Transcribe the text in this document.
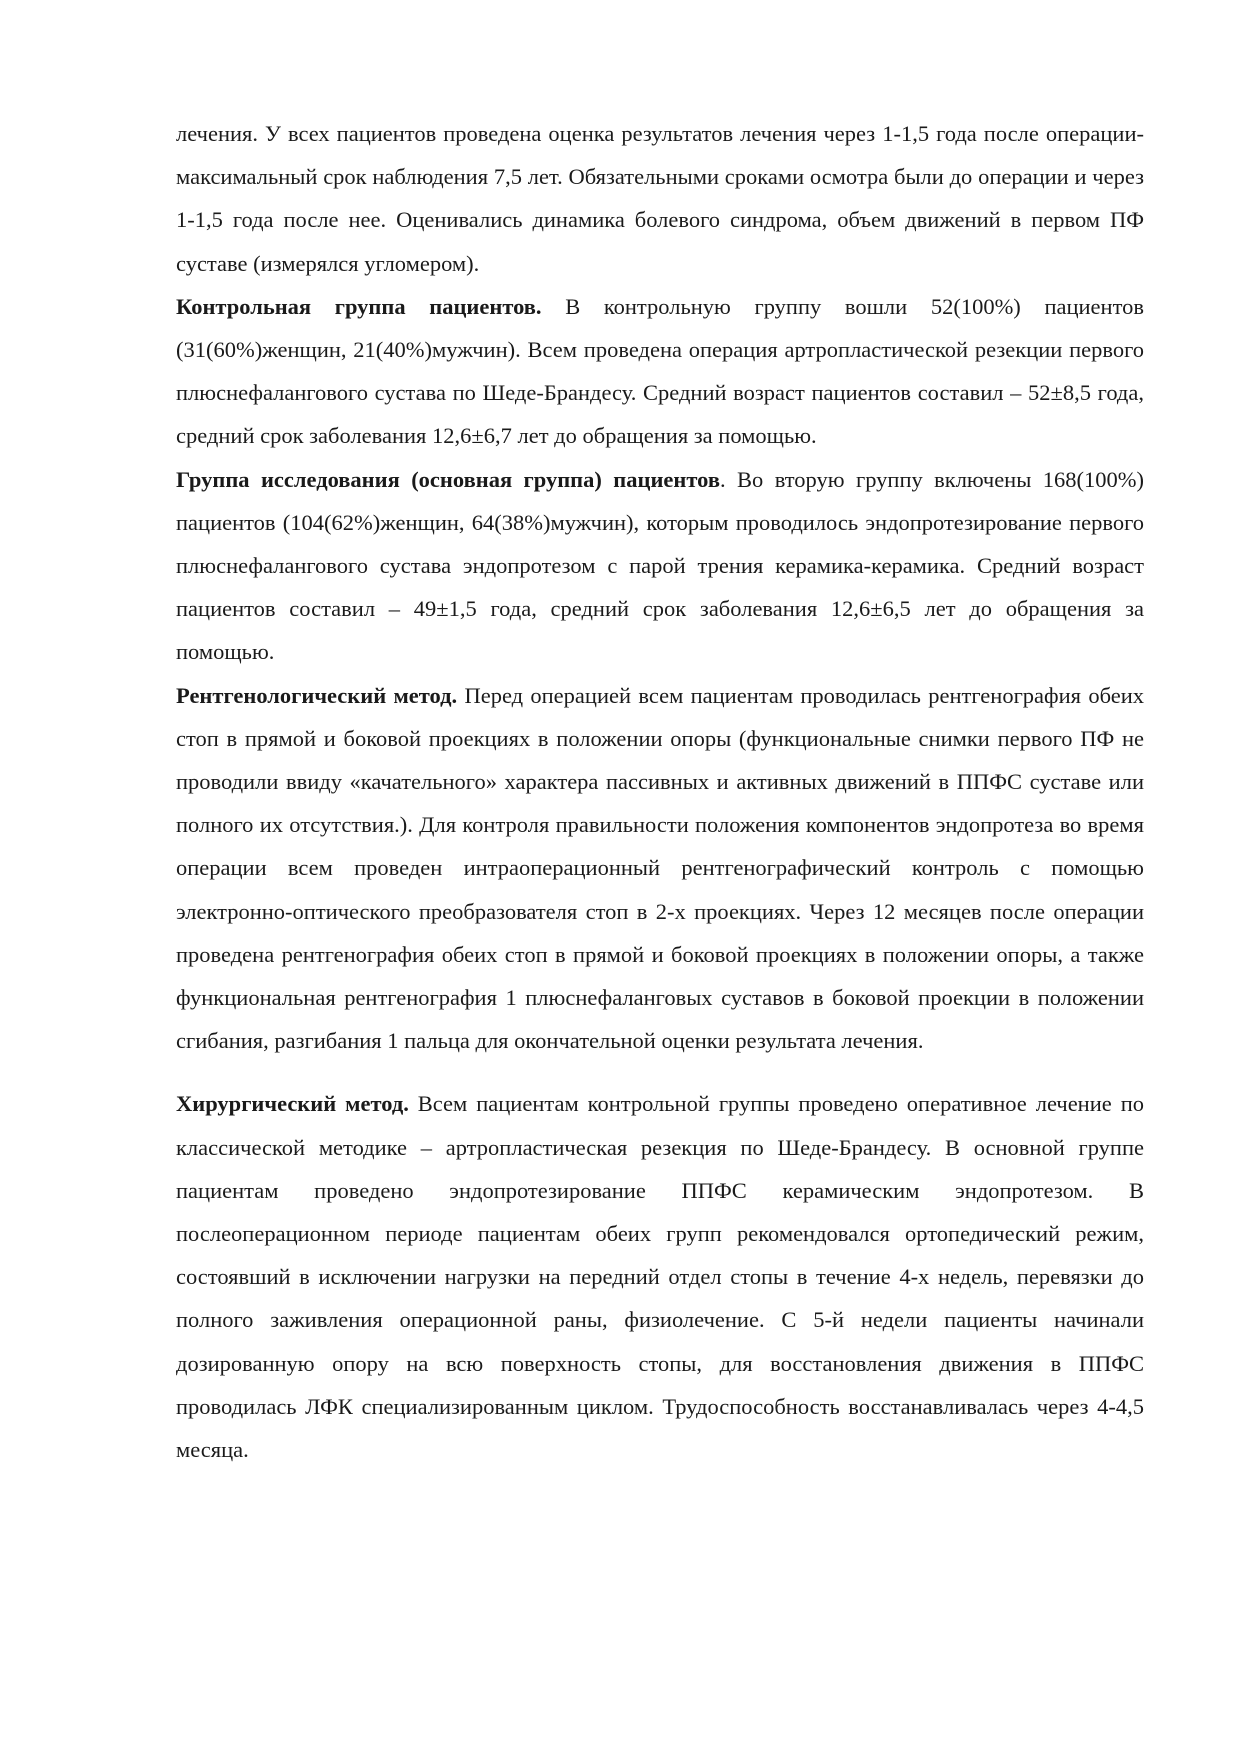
лечения. У всех пациентов проведена оценка результатов лечения через 1-1,5 года после операции- максимальный срок наблюдения 7,5 лет. Обязательными сроками осмотра были до операции и через 1-1,5 года после нее. Оценивались динамика болевого синдрома, объем движений в первом ПФ суставе (измерялся угломером).

Контрольная группа пациентов. В контрольную группу вошли 52(100%) пациентов (31(60%)женщин, 21(40%)мужчин). Всем проведена операция артропластической резекции первого плюснефалангового сустава по Шеде-Брандесу. Средний возраст пациентов составил – 52±8,5 года, средний срок заболевания 12,6±6,7 лет до обращения за помощью.

Группа исследования (основная группа) пациентов. Во вторую группу включены 168(100%) пациентов (104(62%)женщин, 64(38%)мужчин), которым проводилось эндопротезирование первого плюснефалангового сустава эндопротезом с парой трения керамика-керамика. Средний возраст пациентов составил – 49±1,5 года, средний срок заболевания 12,6±6,5 лет до обращения за помощью.

Рентгенологический метод. Перед операцией всем пациентам проводилась рентгенография обеих стоп в прямой и боковой проекциях в положении опоры (функциональные снимки первого ПФ не проводили ввиду «качательного» характера пассивных и активных движений в ППФС суставе или полного их отсутствия.). Для контроля правильности положения компонентов эндопротеза во время операции всем проведен интраоперационный рентгенографический контроль с помощью электронно-оптического преобразователя стоп в 2-х проекциях. Через 12 месяцев после операции проведена рентгенография обеих стоп в прямой и боковой проекциях в положении опоры, а также функциональная рентгенография 1 плюснефаланговых суставов в боковой проекции в положении сгибания, разгибания 1 пальца для окончательной оценки результата лечения.

Хирургический метод. Всем пациентам контрольной группы проведено оперативное лечение по классической методике – артропластическая резекция по Шеде-Брандесу. В основной группе пациентам проведено эндопротезирование ППФС керамическим эндопротезом. В послеоперационном периоде пациентам обеих групп рекомендовался ортопедический режим, состоявший в исключении нагрузки на передний отдел стопы в течение 4-х недель, перевязки до полного заживления операционной раны, физиолечение. С 5-й недели пациенты начинали дозированную опору на всю поверхность стопы, для восстановления движения в ППФС проводилась ЛФК специализированным циклом. Трудоспособность восстанавливалась через 4-4,5 месяца.
